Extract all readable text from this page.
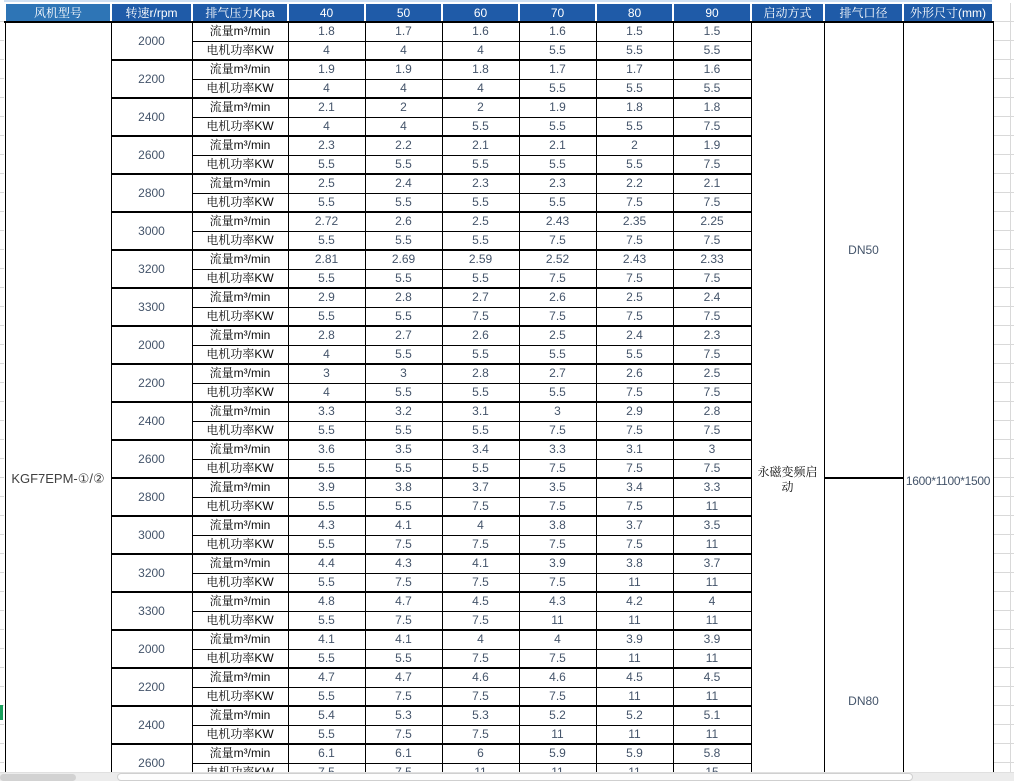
风机型号	转速r/rpm	排气压力Kpa	40	50	60	70	80	90	启动方式	排气口径	外形尺寸(mm)
KGF7EPM-①/②	2000	流量m³/min	1.8	1.7	1.6	1.6	1.5	1.5	永磁变频启动	DN50	1600*1100*1500
		电机功率KW	4	4	4	5.5	5.5	5.5			
	2200	流量m³/min	1.9	1.9	1.8	1.7	1.7	1.6			
		电机功率KW	4	4	4	5.5	5.5	5.5			
	2400	流量m³/min	2.1	2	2	1.9	1.8	1.8			
		电机功率KW	4	4	5.5	5.5	5.5	7.5			
	2600	流量m³/min	2.3	2.2	2.1	2.1	2	1.9			
		电机功率KW	5.5	5.5	5.5	5.5	5.5	7.5			
	2800	流量m³/min	2.5	2.4	2.3	2.3	2.2	2.1			
		电机功率KW	5.5	5.5	5.5	5.5	7.5	7.5			
	3000	流量m³/min	2.72	2.6	2.5	2.43	2.35	2.25			
		电机功率KW	5.5	5.5	5.5	7.5	7.5	7.5			
	3200	流量m³/min	2.81	2.69	2.59	2.52	2.43	2.33			
		电机功率KW	5.5	5.5	5.5	7.5	7.5	7.5			
	3300	流量m³/min	2.9	2.8	2.7	2.6	2.5	2.4			
		电机功率KW	5.5	5.5	7.5	7.5	7.5	7.5			
	2000	流量m³/min	2.8	2.7	2.6	2.5	2.4	2.3			
		电机功率KW	4	5.5	5.5	5.5	5.5	7.5			
	2200	流量m³/min	3	3	2.8	2.7	2.6	2.5			
		电机功率KW	4	5.5	5.5	5.5	7.5	7.5			
	2400	流量m³/min	3.3	3.2	3.1	3	2.9	2.8			
		电机功率KW	5.5	5.5	5.5	7.5	7.5	7.5			
	2600	流量m³/min	3.6	3.5	3.4	3.3	3.1	3			
		电机功率KW	5.5	5.5	5.5	7.5	7.5	7.5			
	2800	流量m³/min	3.9	3.8	3.7	3.5	3.4	3.3		DN80	
		电机功率KW	5.5	5.5	7.5	7.5	7.5	11			
	3000	流量m³/min	4.3	4.1	4	3.8	3.7	3.5			
		电机功率KW	5.5	7.5	7.5	7.5	7.5	11			
	3200	流量m³/min	4.4	4.3	4.1	3.9	3.8	3.7			
		电机功率KW	5.5	7.5	7.5	7.5	11	11			
	3300	流量m³/min	4.8	4.7	4.5	4.3	4.2	4			
		电机功率KW	5.5	7.5	7.5	11	11	11			
	2000	流量m³/min	4.1	4.1	4	4	3.9	3.9			
		电机功率KW	5.5	5.5	7.5	7.5	11	11			
	2200	流量m³/min	4.7	4.7	4.6	4.6	4.5	4.5			
		电机功率KW	5.5	7.5	7.5	7.5	11	11			
	2400	流量m³/min	5.4	5.3	5.3	5.2	5.2	5.1			
		电机功率KW	5.5	7.5	7.5	11	11	11			
	2600	流量m³/min	6.1	6.1	6	5.9	5.9	5.8			
